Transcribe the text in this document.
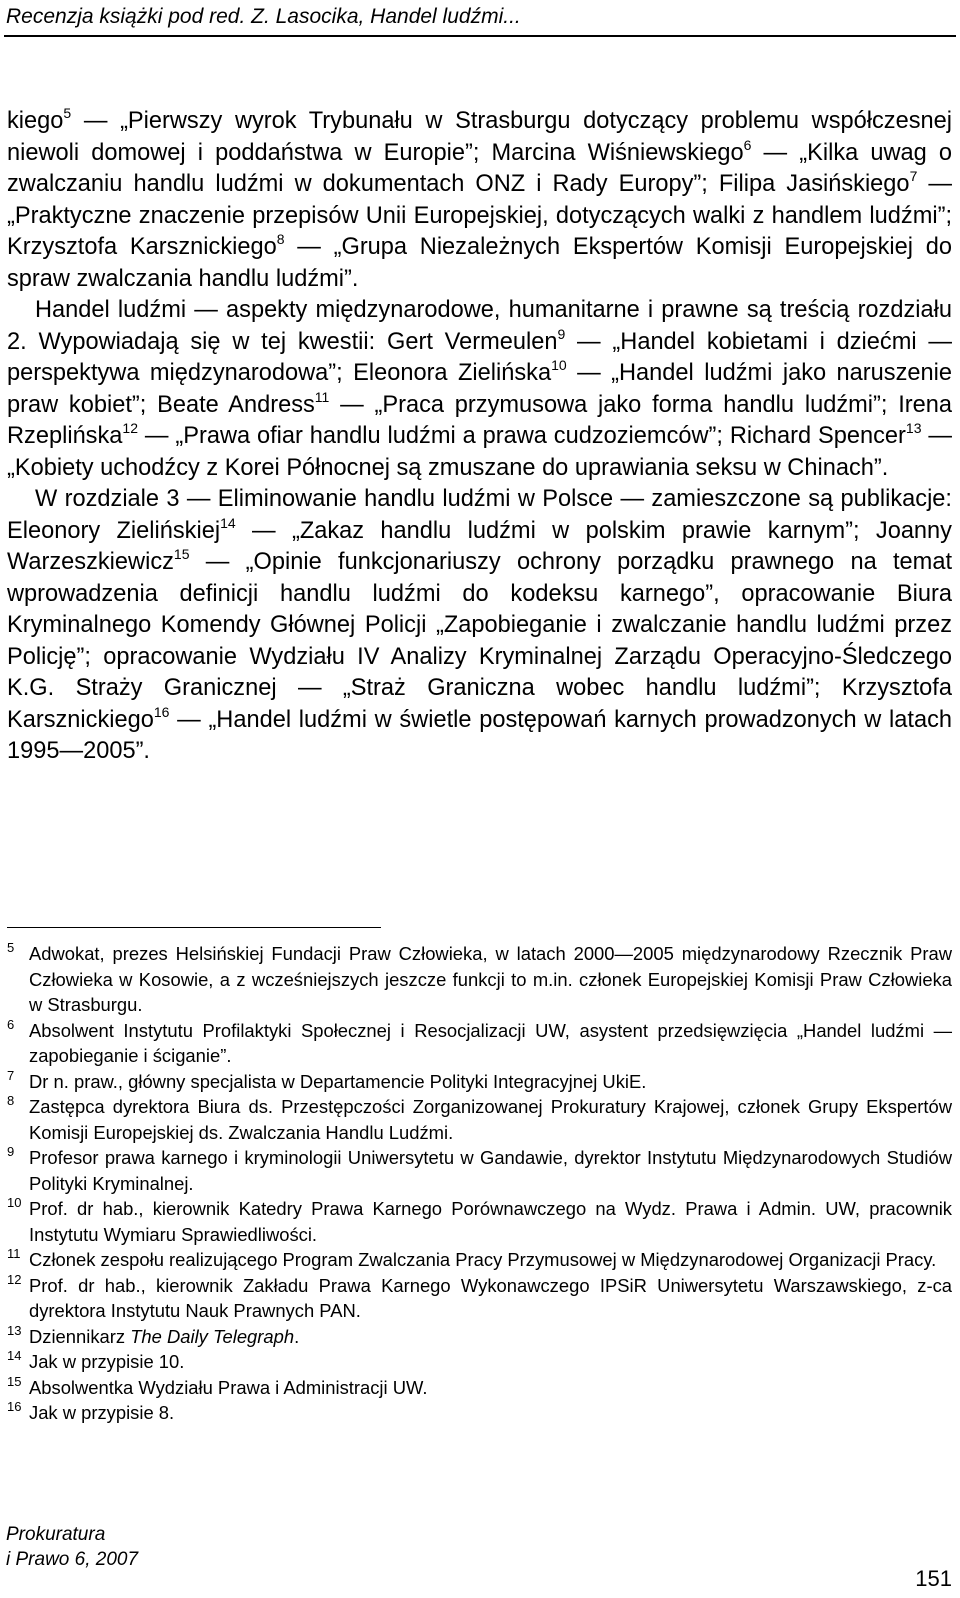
Recenzja książki pod red. Z. Lasocika, Handel ludźmi...

kiego$^5$ — „Pierwszy wyrok Trybunału w Strasburgu dotyczący problemu współczesnej niewoli domowej i poddaństwa w Europie”; Marcina Wiśniewskiego$^6$ — „Kilka uwag o zwalczaniu handlu ludźmi w dokumentach ONZ i Rady Europy”; Filipa Jasińskiego$^7$ — „Praktyczne znaczenie przepisów Unii Europejskiej, dotyczących walki z handlem ludźmi”; Krzysztofa Karsznickiego$^8$ — „Grupa Niezależnych Ekspertów Komisji Europejskiej do spraw zwalczania handlu ludźmi”.

Handel ludźmi — aspekty międzynarodowe, humanitarne i prawne są treścią rozdziału 2. Wypowiadają się w tej kwestii: Gert Vermeulen$^9$ — „Handel kobietami i dziećmi — perspektywa międzynarodowa”; Eleonora Zielińska$^{10}$ — „Handel ludźmi jako naruszenie praw kobiet”; Beate Andress$^{11}$ — „Praca przymusowa jako forma handlu ludźmi”; Irena Rzeplińska$^{12}$ — „Prawa ofiar handlu ludźmi a prawa cudzoziemców”; Richard Spencer$^{13}$ — „Kobiety uchodźcy z Korei Północnej są zmuszane do uprawiania seksu w Chinach”.

W rozdziale 3 — Eliminowanie handlu ludźmi w Polsce — zamieszczone są publikacje: Eleonory Zielińskiej$^{14}$ — „Zakaz handlu ludźmi w polskim prawie karnym”; Joanny Warzeszkiewicz$^{15}$ — „Opinie funkcjonariuszy ochrony porządku prawnego na temat wprowadzenia definicji handlu ludźmi do kodeksu karnego”, opracowanie Biura Kryminalnego Komendy Głównej Policji „Zapobieganie i zwalczanie handlu ludźmi przez Policję”; opracowanie Wydziału IV Analizy Kryminalnej Zarządu Operacyjno-Śledczego K.G. Straży Granicznej — „Straż Graniczna wobec handlu ludźmi”; Krzysztofa Karsznickiego$^{16}$ — „Handel ludźmi w świetle postępowań karnych prowadzonych w latach 1995—2005”.

5 Adwokat, prezes Helsińskiej Fundacji Praw Człowieka, w latach 2000—2005 międzynarodowy Rzecznik Praw Człowieka w Kosowie, a z wcześniejszych jeszcze funkcji to m.in. członek Europejskiej Komisji Praw Człowieka w Strasburgu.
6 Absolwent Instytutu Profilaktyki Społecznej i Resocjalizacji UW, asystent przedsięwzięcia „Handel ludźmi — zapobieganie i ściganie”.
7 Dr n. praw., główny specjalista w Departamencie Polityki Integracyjnej UkiE.
8 Zastępca dyrektora Biura ds. Przestępczości Zorganizowanej Prokuratury Krajowej, członek Grupy Ekspertów Komisji Europejskiej ds. Zwalczania Handlu Ludźmi.
9 Profesor prawa karnego i kryminologii Uniwersytetu w Gandawie, dyrektor Instytutu Międzynarodowych Studiów Polityki Kryminalnej.
10 Prof. dr hab., kierownik Katedry Prawa Karnego Porównawczego na Wydz. Prawa i Admin. UW, pracownik Instytutu Wymiaru Sprawiedliwości.
11 Członek zespołu realizującego Program Zwalczania Pracy Przymusowej w Międzynarodowej Organizacji Pracy.
12 Prof. dr hab., kierownik Zakładu Prawa Karnego Wykonawczego IPSiR Uniwersytetu Warszawskiego, z-ca dyrektora Instytutu Nauk Prawnych PAN.
13 Dziennikarz The Daily Telegraph.
14 Jak w przypisie 10.
15 Absolwentka Wydziału Prawa i Administracji UW.
16 Jak w przypisie 8.
Prokuratura
i Prawo 6, 2007
151
